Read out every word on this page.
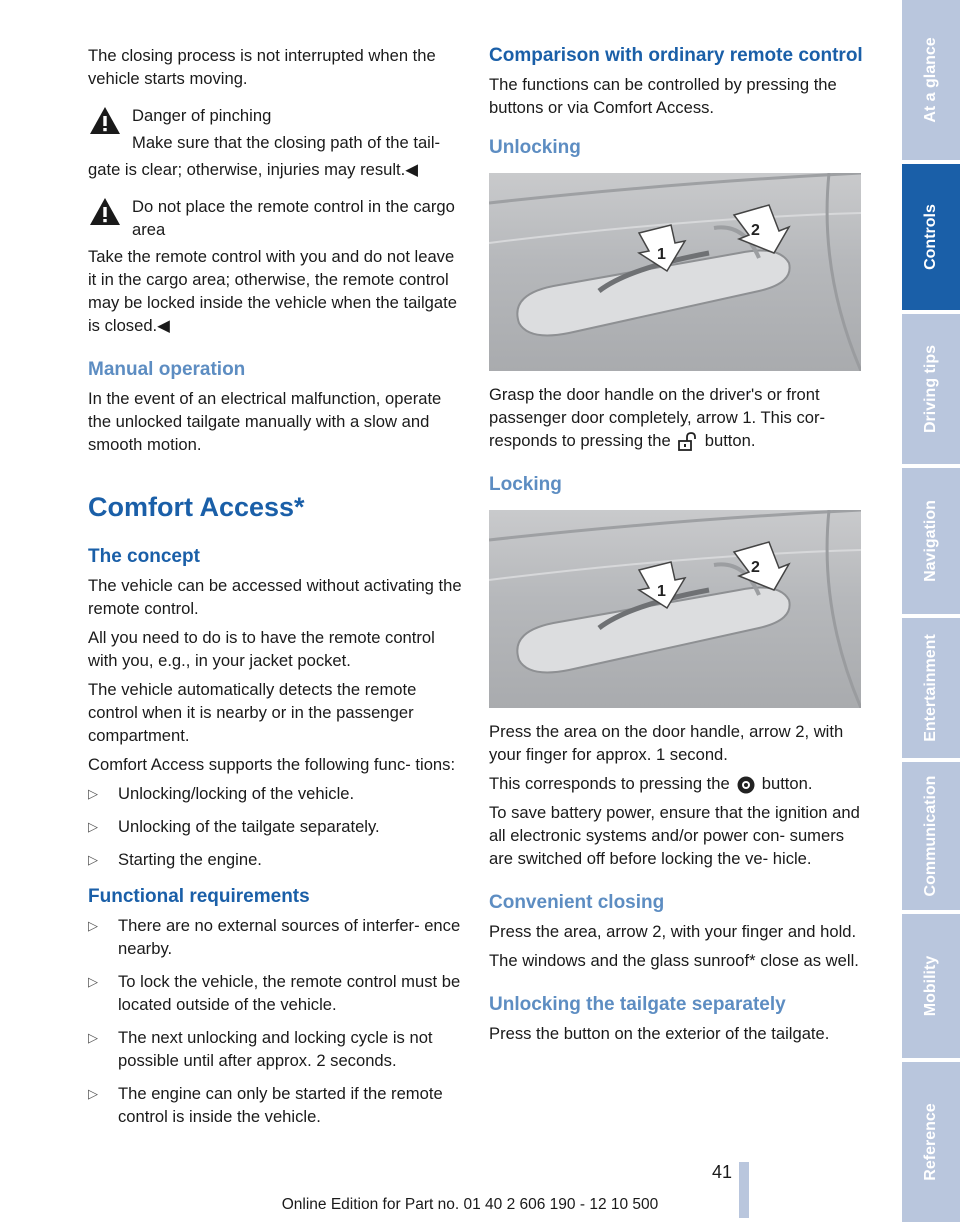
The closing process is not interrupted when the vehicle starts moving.

Danger of pinching

Make sure that the closing path of the tail-

gate is clear; otherwise, injuries may result.◀

Do not place the remote control in the cargo area

Take the remote control with you and do not leave it in the cargo area; otherwise, the remote control may be locked inside the vehicle when the tailgate is closed.◀

Manual operation

In the event of an electrical malfunction, operate the unlocked tailgate manually with a slow and smooth motion.

Comfort Access*
The concept

The vehicle can be accessed without activating the remote control.

All you need to do is to have the remote control with you, e.g., in your jacket pocket.

The vehicle automatically detects the remote control when it is nearby or in the passenger compartment.

Comfort Access supports the following func- tions:

▷ Unlocking/locking of the vehicle.
▷ Unlocking of the tailgate separately.
▷ Starting the engine.
Functional requirements
▷ There are no external sources of interfer- ence nearby.
▷ To lock the vehicle, the remote control must be located outside of the vehicle.
▷ The next unlocking and locking cycle is not possible until after approx. 2 seconds.
▷ The engine can only be started if the remote control is inside the vehicle.
Comparison with ordinary remote control

The functions can be controlled by pressing the buttons or via Comfort Access.

Unlocking
1
2

Grasp the door handle on the driver's or front passenger door completely, arrow 1. This cor- responds to pressing the button.

Locking
1
2

Press the area on the door handle, arrow 2, with your finger for approx. 1 second.

This corresponds to pressing the button.

To save battery power, ensure that the ignition and all electronic systems and/or power con- sumers are switched off before locking the ve- hicle.

Convenient closing

Press the area, arrow 2, with your finger and hold.

The windows and the glass sunroof* close as well.

Unlocking the tailgate separately

Press the button on the exterior of the tailgate.

At a glance
Controls
Driving tips
Navigation
Entertainment
Communication
Mobility
Reference
41
Online Edition for Part no. 01 40 2 606 190 - 12 10 500
